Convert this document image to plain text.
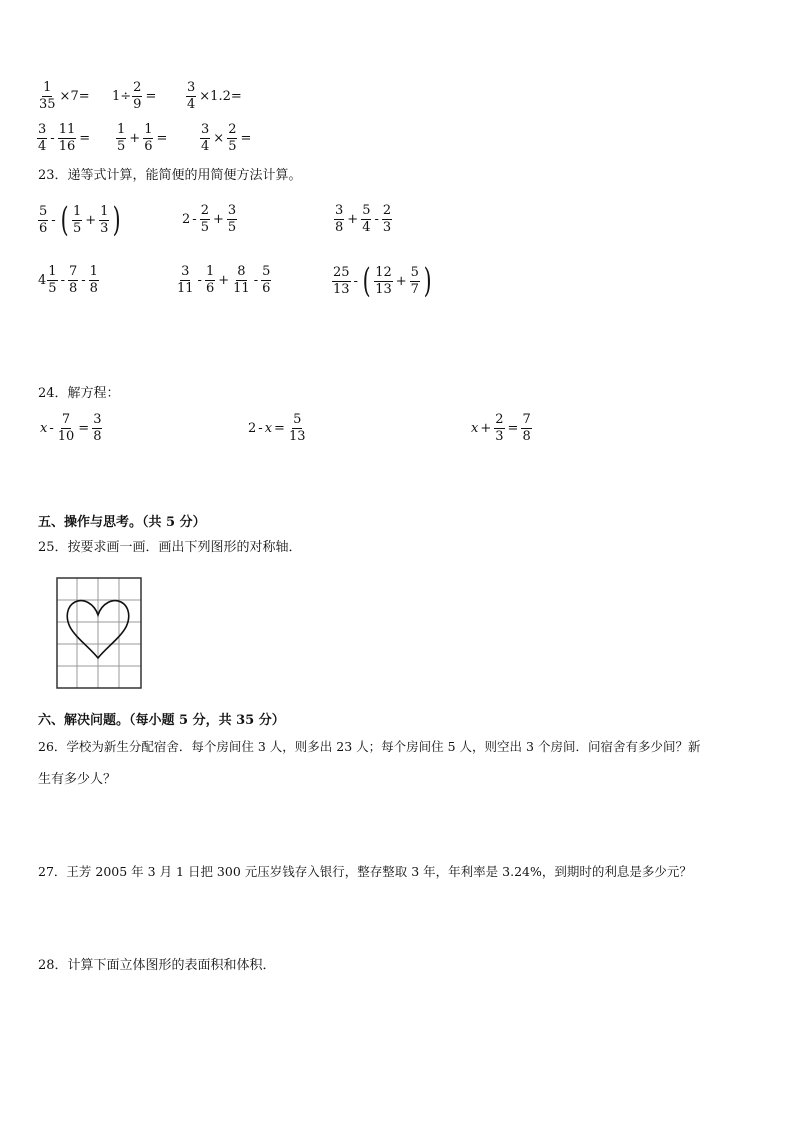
$\frac{1}{35} \times 7= 1\div \frac{2}{9} = \frac{3}{4} \times 1.2=$
3
4
- $\frac{11}{16}$ =
1
5
+ $\frac{1}{6}$ =	$\frac{3}{4} \times \frac{2}{5}$ =
23．递等式计算，能简便的用简便方法计算。
5
6
- ( 1
5
+ $\frac{1}{3}$ )	2 -
2
5
+ $\frac{3}{5}$	3
8
+ $\frac{5}{4}$ -
2
3
4
1
5
-
7
8
-
1
8
3
11
-
1
6
+ $\frac{8}{11}$ -
5
6
25
13
- ( 12
13
+ $\frac{5}{7}$ )
24．解方程：
$x - \frac{7}{10} = \frac{3}{8}$	$2 - x = \frac{5}{13}$	$x + \frac{2}{3} = \frac{7}{8}$
五、操作与思考。（共 5 分）
25．按要求画一画．画出下列图形的对称轴．
六、解决问题。（每小题 5 分，共 35 分）
26．学校为新生分配宿舍．每个房间住 3 人，则多出 23 人；每个房间住 5 人，则空出 3 个房间．问宿舍有多少间？新
生有多少人？
27．王芳 2005 年 3 月 1 日把 300 元压岁钱存入银行，整存整取 3 年，年利率是 3.24%，到期时的利息是多少元？
28．计算下面立体图形的表面积和体积．
